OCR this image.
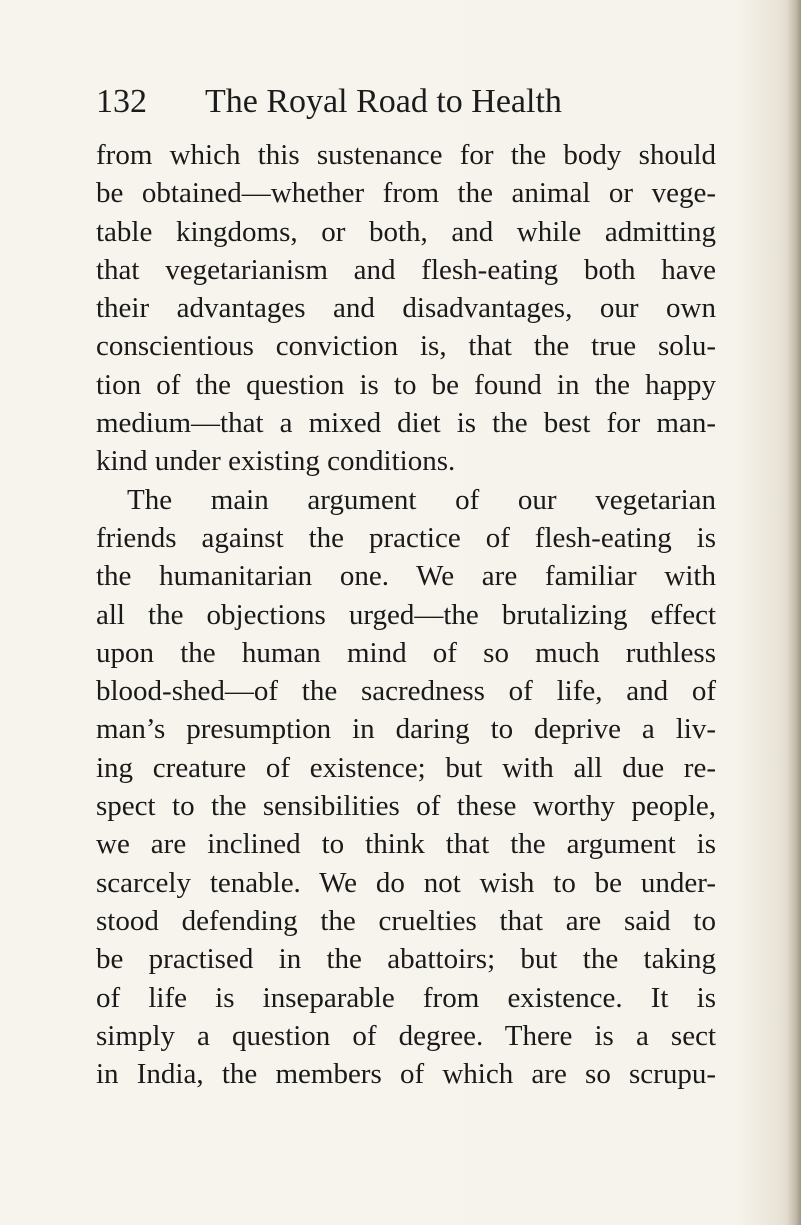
132 The Royal Road to Health
from which this sustenance for the body should
be obtained—whether from the animal or vege-
table kingdoms, or both, and while admitting
that vegetarianism and flesh-eating both have
their advantages and disadvantages, our own
conscientious conviction is, that the true solu-
tion of the question is to be found in the happy
medium—that a mixed diet is the best for man-
kind under existing conditions.
The main argument of our vegetarian
friends against the practice of flesh-eating is
the humanitarian one. We are familiar with
all the objections urged—the brutalizing effect
upon the human mind of so much ruthless
blood-shed—of the sacredness of life, and of
man’s presumption in daring to deprive a liv-
ing creature of existence; but with all due re-
spect to the sensibilities of these worthy people,
we are inclined to think that the argument is
scarcely tenable. We do not wish to be under-
stood defending the cruelties that are said to
be practised in the abattoirs; but the taking
of life is inseparable from existence. It is
simply a question of degree. There is a sect
in India, the members of which are so scrupu-
